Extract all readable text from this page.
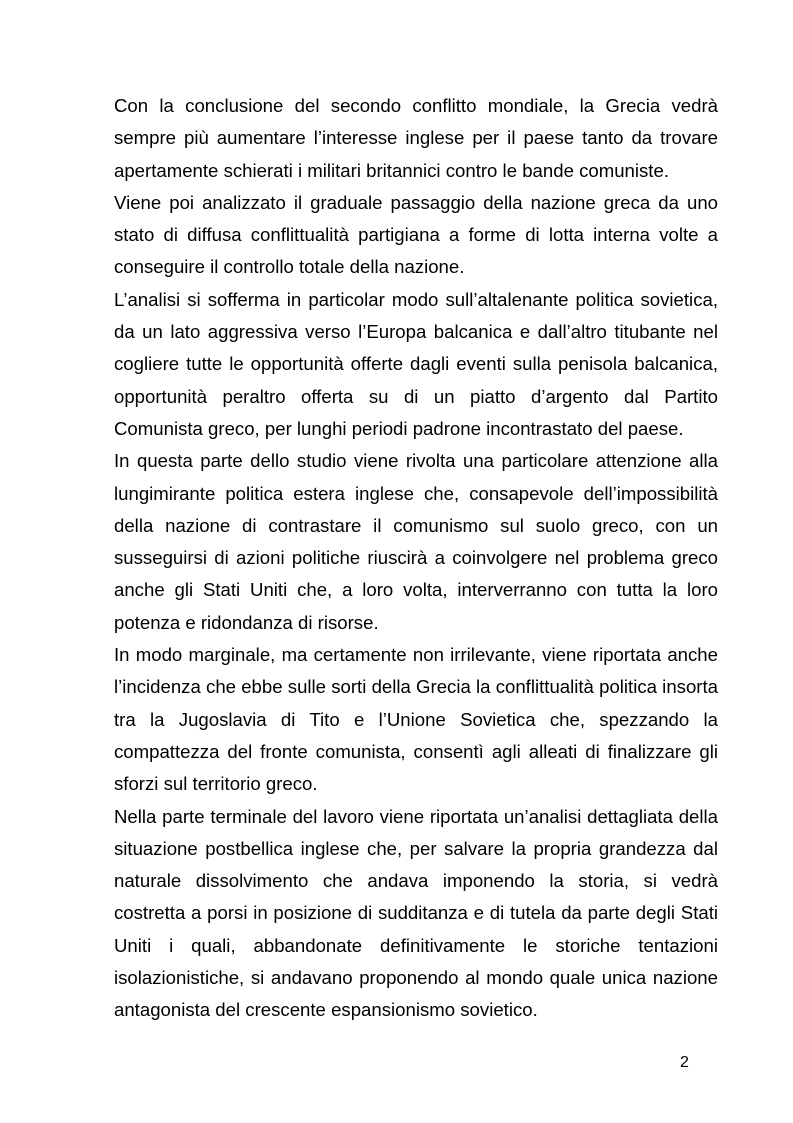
Con la conclusione del secondo conflitto mondiale, la Grecia vedrà sempre più aumentare l’interesse inglese per il paese tanto da trovare apertamente schierati i militari britannici contro le bande comuniste.

Viene poi analizzato il graduale passaggio della nazione greca da uno stato di diffusa conflittualità partigiana a forme di lotta interna volte a conseguire il controllo totale della nazione.

L’analisi si sofferma in particolar modo sull’altalenante politica sovietica, da un lato aggressiva verso l’Europa balcanica e dall’altro titubante nel cogliere tutte le opportunità offerte dagli eventi sulla penisola balcanica, opportunità peraltro offerta su di un piatto d’argento dal Partito Comunista greco, per lunghi periodi padrone incontrastato del paese.

In questa parte dello studio viene rivolta una particolare attenzione alla lungimirante politica estera inglese che, consapevole dell’impossibilità della nazione di contrastare il comunismo sul suolo greco, con un susseguirsi di azioni politiche riuscirà a coinvolgere nel problema greco anche gli Stati Uniti che, a loro volta, interverranno con tutta la loro potenza e ridondanza di risorse.

In modo marginale, ma certamente non irrilevante, viene riportata anche l’incidenza che ebbe sulle sorti della Grecia la conflittualità politica insorta tra la Jugoslavia di Tito e l’Unione Sovietica che, spezzando la compattezza del fronte comunista, consentì agli alleati di finalizzare gli sforzi sul territorio greco.

Nella parte terminale del lavoro viene riportata un’analisi dettagliata della situazione postbellica inglese che, per salvare la propria grandezza dal naturale dissolvimento che andava imponendo la storia, si vedrà costretta a porsi in posizione di sudditanza e di tutela da parte degli Stati Uniti i quali, abbandonate definitivamente le storiche tentazioni isolazionistiche, si andavano proponendo al mondo quale unica nazione antagonista del crescente espansionismo sovietico.

2
